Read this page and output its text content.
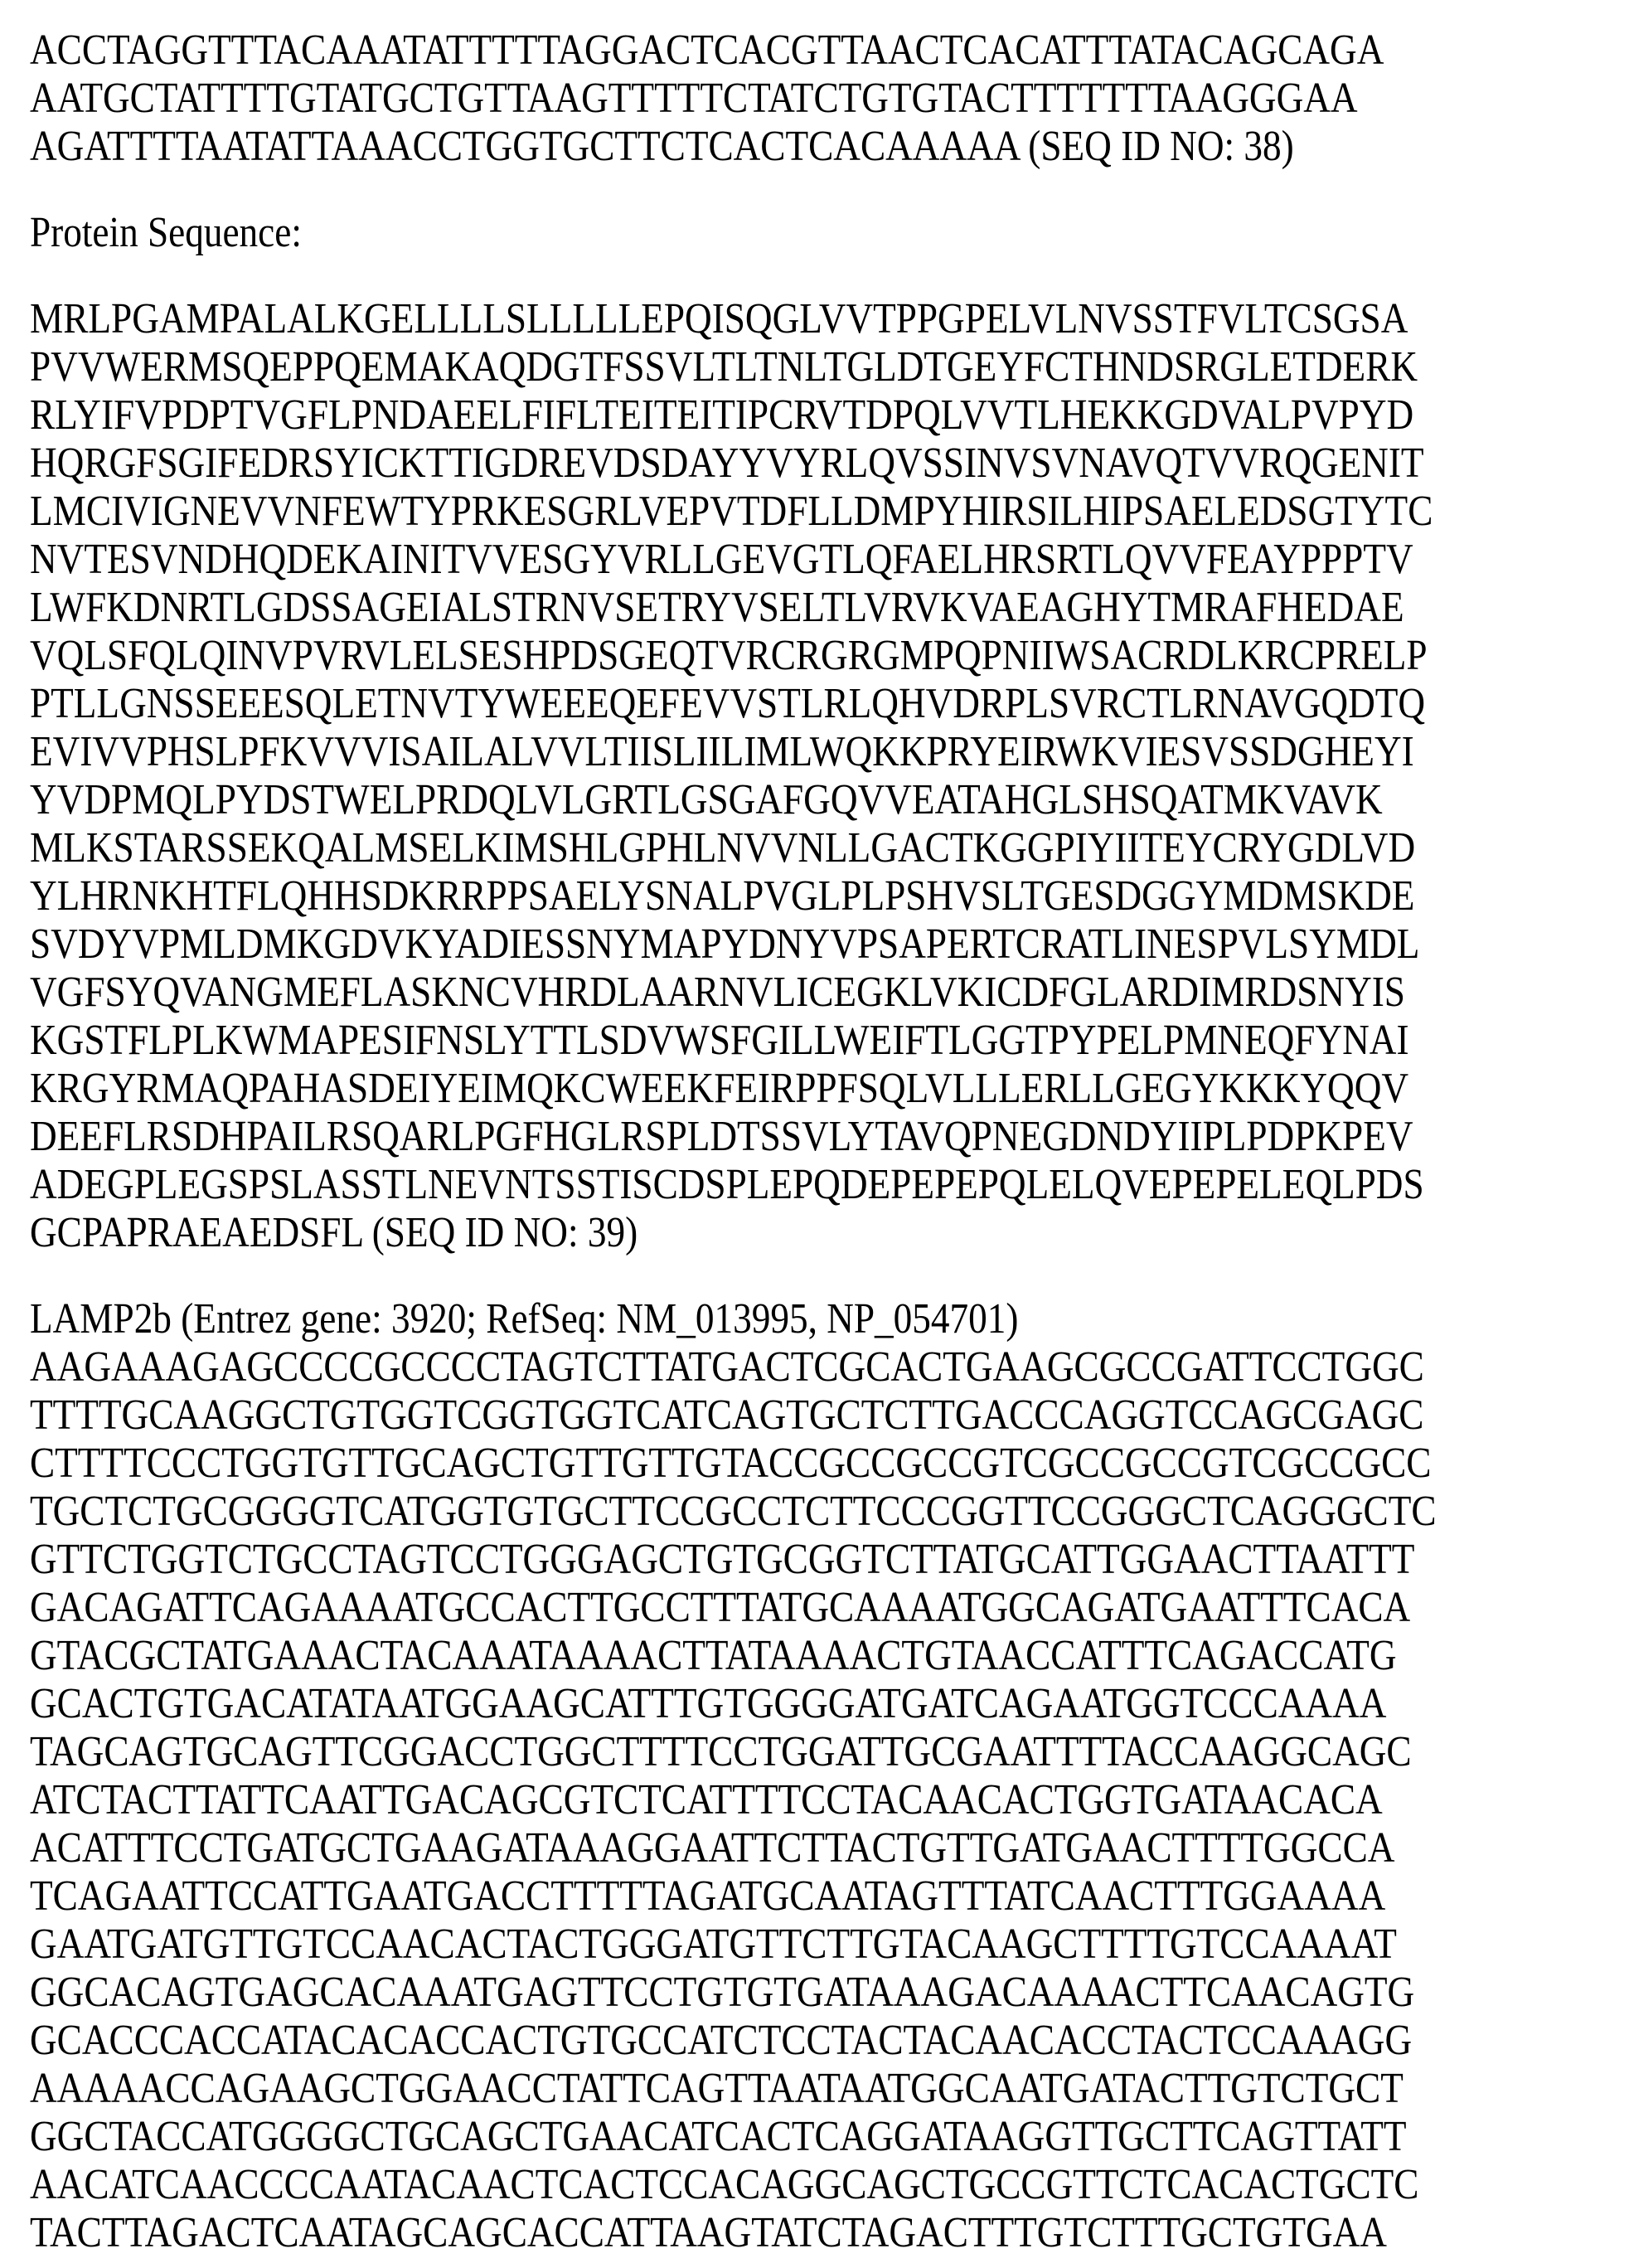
ACCTAGGTTTACAAATATTTTTAGGACTCACGTTAACTCACATTTATACAGCAGA
AATGCTATTTTGTATGCTGTTAAGTTTTTCTATCTGTGTACTTTTTTTAAGGGAA
AGATTTTAATATTAAACCTGGTGCTTCTCACTCACAAAAA (SEQ ID NO: 38)
Protein Sequence:
MRLPGAMPALALKGELLLLSLLLLLEPQISQGLVVTPPGPELVLNVSSTFVLTCSGSA
PVVWERMSQEPPQEMAKAQDGTFSSVLTLTNLTGLDTGEYFCTHNDSRGLETDERK
RLYIFVPDPTVGFLPNDAEELFIFLTEITEITIPCRVTDPQLVVTLHEKKGDVALPVPYD
HQRGFSGIFEDRSYICKTTIGDREVDSDAYYVYRLQVSSINVSVNAVQTVVRQGENIT
LMCIVIGNEVVNFEWTYPRKESGRLVEPVTDFLLDMPYHIRSILHIPSAELEDSGTYTC
NVTESVNDHQDEKAINITVVESGYVRLLGEVGTLQFAELHRSRTLQVVFEAYPPPTV
LWFKDNRTLGDSSAGEIALSTRNVSETRYVSELTLVRVKVAEAGHYTMRAFHEDAE
VQLSFQLQINVPVRVLELSESHPDSGEQTVRCRGRGMPQPNIIWSACRDLKRCPRELP
PTLLGNSSEEESQLETNVTYWEEEQEFEVVSTLRLQHVDRPLSVRCTLRNAVGQDTQ
EVIVVPHSLPFKVVVISAILALVVLTIISLIILIMLWQKKPRYEIRWKVIESVSSDGHEYI
YVDPMQLPYDSTWELPRDQLVLGRTLGSGAFGQVVEATAHGLSHSQATMKVAVK
MLKSTARSSEKQALMSELKIMSHLGPHLNVVNLLGACTKGGPIYIITEYCRYGDLVD
YLHRNKHTFLQHHSDKRRPPSAELYSNALPVGLPLPSHVSLTGESDGGYMDMSKDE
SVDYVPMLDMKGDVKYADIESSNYMAPYDNYVPSAPERTCRATLINESPVLSYMDL
VGFSYQVANGMEFLASKNCVHRDLAARNVLICEGKLVKICDFGLARDIMRDSNYIS
KGSTFLPLKWMAPESIFNSLYTTLSDVWSFGILLWEIFTLGGTPYPELPMNEQFYNAI
KRGYRMAQPAHASDEIYEIMQKCWEEKFEIRPPFSQLVLLLERLLGEGYKKKYQQV
DEEFLRSDHPAILRSQARLPGFHGLRSPLDTSSVLYTAVQPNEGDNDYIIPLPDPKPEV
ADEGPLEGSPSLASSTLNEVNTSSTISCDSPLEPQDEPEPEPQLELQVEPEPELEQLPDS
GCPAPRAEAEDSFL (SEQ ID NO: 39)
LAMP2b (Entrez gene: 3920; RefSeq: NM_013995, NP_054701)
AAGAAAGAGCCCCGCCCCTAGTCTTATGACTCGCACTGAAGCGCCGATTCCTGGC
TTTTGCAAGGCTGTGGTCGGTGGTCATCAGTGCTCTTGACCCAGGTCCAGCGAGC
CTTTTCCCTGGTGTTGCAGCTGTTGTTGTACCGCCGCCGTCGCCGCCGTCGCCGCC
TGCTCTGCGGGGTCATGGTGTGCTTCCGCCTCTTCCCGGTTCCGGGCTCAGGGCTC
GTTCTGGTCTGCCTAGTCCTGGGAGCTGTGCGGTCTTATGCATTGGAACTTAATTT
GACAGATTCAGAAAATGCCACTTGCCTTTATGCAAAATGGCAGATGAATTTCACA
GTACGCTATGAAACTACAAATAAAACTTATAAAACTGTAACCATTTCAGACCATG
GCACTGTGACATATAATGGAAGCATTTGTGGGGATGATCAGAATGGTCCCAAAA
TAGCAGTGCAGTTCGGACCTGGCTTTTCCTGGATTGCGAATTTTACCAAGGCAGC
ATCTACTTATTCAATTGACAGCGTCTCATTTTCCTACAACACTGGTGATAACACA
ACATTTCCTGATGCTGAAGATAAAGGAATTCTTACTGTTGATGAACTTTTGGCCA
TCAGAATTCCATTGAATGACCTTTTTAGATGCAATAGTTTATCAACTTTGGAAAA
GAATGATGTTGTCCAACACTACTGGGATGTTCTTGTACAAGCTTTTGTCCAAAAT
GGCACAGTGAGCACAAATGAGTTCCTGTGTGATAAAGACAAAACTTCAACAGTG
GCACCCACCATACACACCACTGTGCCATCTCCTACTACAACACCTACTCCAAAGG
AAAAACCAGAAGCTGGAACCTATTCAGTTAATAATGGCAATGATACTTGTCTGCT
GGCTACCATGGGGCTGCAGCTGAACATCACTCAGGATAAGGTTGCTTCAGTTATT
AACATCAACCCCAATACAACTCACTCCACAGGCAGCTGCCGTTCTCACACTGCTC
TACTTAGACTCAATAGCAGCACCATTAAGTATCTAGACTTTGTCTTTGCTGTGAA
